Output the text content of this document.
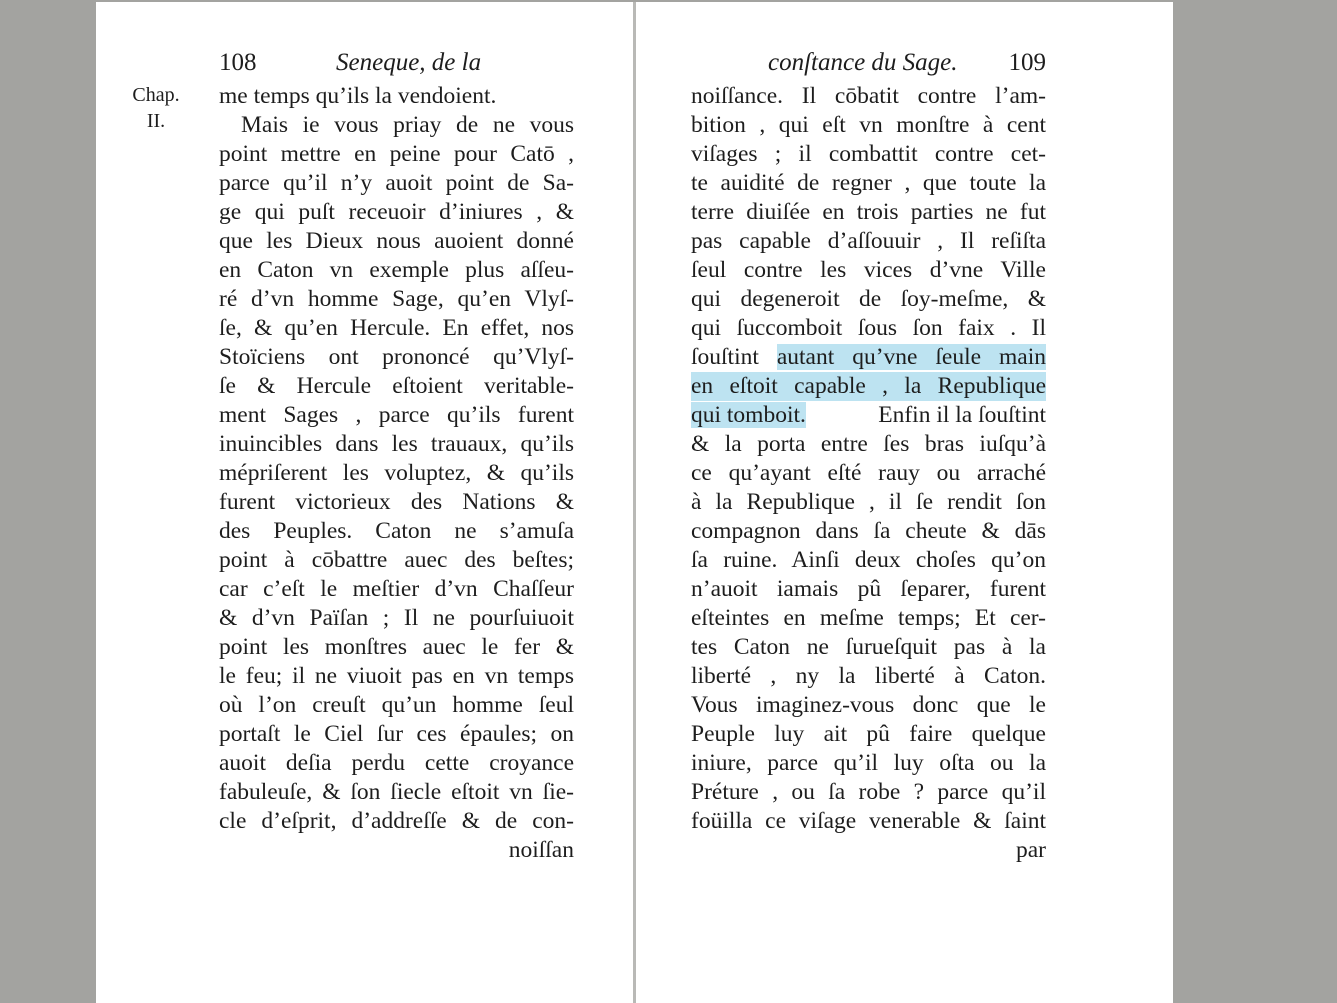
108	Seneque, de la
Chap.
II.
me temps qu’ils la vendoient.
Mais ie vous priay de ne vous
point mettre en peine pour Catō ,
parce qu’il n’y auoit point de Sa-
ge qui puſt receuoir d’iniures , &
que les Dieux nous auoient donné
en Caton vn exemple plus aſſeu-
ré d’vn homme Sage, qu’en Vlyſ-
ſe, & qu’en Hercule. En effet, nos
Stoïciens ont prononcé qu’Vlyſ-
ſe & Hercule eſtoient veritable-
ment Sages , parce qu’ils furent
inuincibles dans les trauaux, qu’ils
mépriſerent les voluptez, & qu’ils
furent victorieux des Nations &
des Peuples. Caton ne s’amuſa
point à cōbattre auec des beſtes;
car c’eſt le meſtier d’vn Chaſſeur
& d’vn Païſan ; Il ne pourſuiuoit
point les monſtres auec le fer &
le feu; il ne viuoit pas en vn temps
où l’on creuſt qu’un homme ſeul
portaſt le Ciel ſur ces épaules; on
auoit deſia perdu cette croyance
fabuleuſe, & ſon ſiecle eſtoit vn ſie-
cle d’eſprit, d’addreſſe & de con-
noiſſan
conſtance du Sage. 109
noiſſance. Il cōbatit contre l’am-
bition , qui eſt vn monſtre à cent
viſages ; il combattit contre cet-
te auidité de regner , que toute la
terre diuiſée en trois parties ne fut
pas capable d’aſſouuir , Il reſiſta
ſeul contre les vices d’vne Ville
qui degeneroit de ſoy-meſme, &
qui ſuccomboit ſous ſon faix . Il
ſouſtint autant qu’vne ſeule main
en eſtoit capable , la Republique
qui tomboit.	Enfin il la ſouſtint
& la porta entre ſes bras iuſqu’à
ce qu’ayant eſté rauy ou arraché
à la Republique , il ſe rendit ſon
compagnon dans ſa cheute & dās
ſa ruine. Ainſi deux choſes qu’on
n’auoit iamais pû ſeparer, furent
eſteintes en meſme temps; Et cer-
tes Caton ne ſurueſquit pas à la
liberté , ny la liberté à Caton.
Vous imaginez-vous donc que le
Peuple luy ait pû faire quelque
iniure, parce qu’il luy oſta ou la
Préture , ou ſa robe ? parce qu’il
foüilla ce viſage venerable & ſaint
par
